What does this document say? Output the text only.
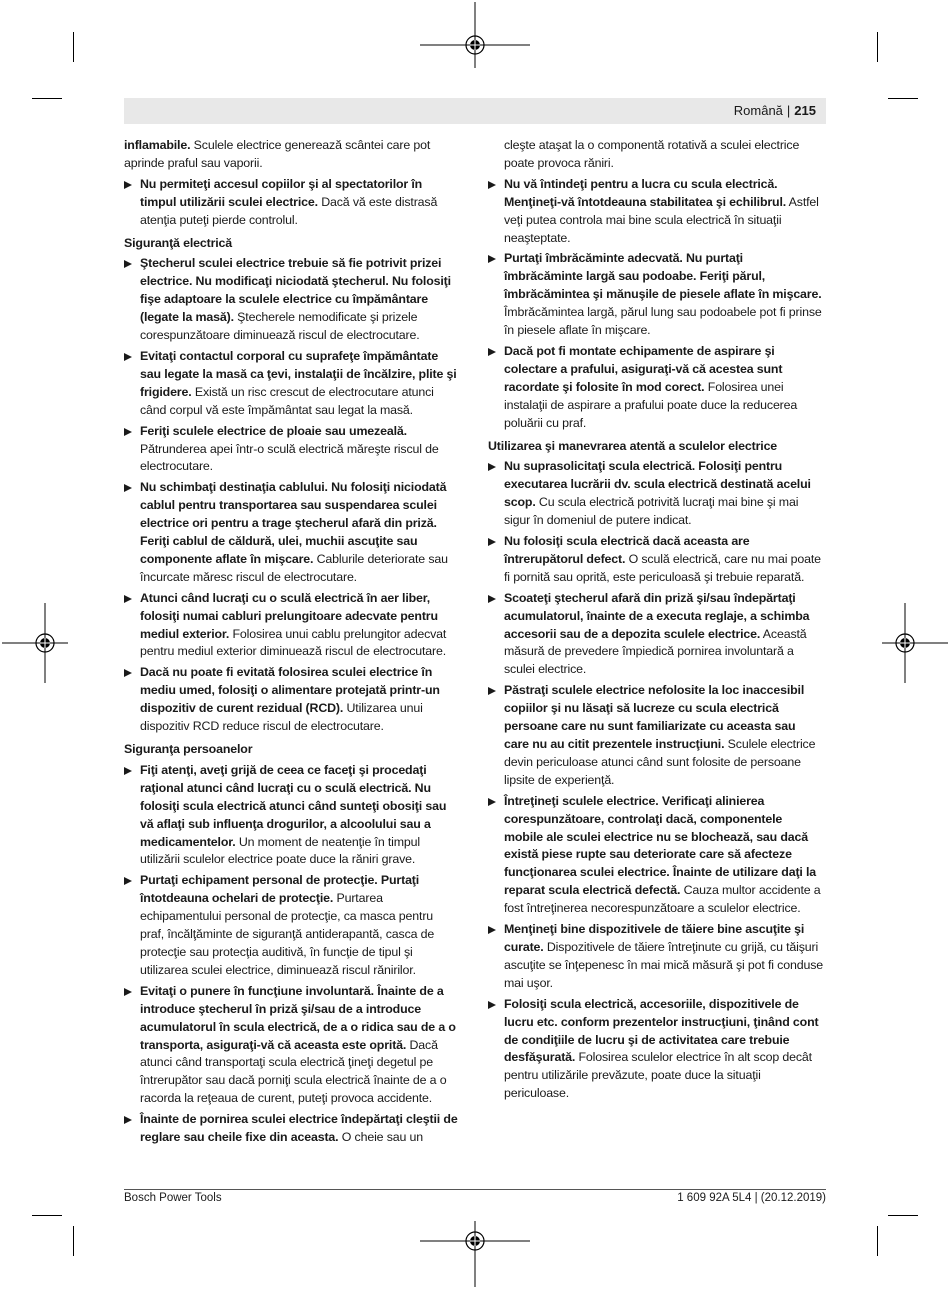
Română | 215
inflamabile. Sculele electrice generează scântei care pot aprinde praful sau vaporii.
Nu permiteţi accesul copiilor şi al spectatorilor în timpul utilizării sculei electrice. Dacă vă este distrasă atenţia puteţi pierde controlul.
Siguranţă electrică
Ştecherul sculei electrice trebuie să fie potrivit prizei electrice. Nu modificaţi niciodată ştecherul. Nu folosiţi fişe adaptoare la sculele electrice cu împământare (legate la masă). Ştecherele nemodificate şi prizele corespunzătoare diminuează riscul de electrocutare.
Evitaţi contactul corporal cu suprafeţe împământate sau legate la masă ca ţevi, instalaţii de încălzire, plite şi frigidere. Există un risc crescut de electrocutare atunci când corpul vă este împământat sau legat la masă.
Feriţi sculele electrice de ploaie sau umezeală. Pătrunderea apei într-o sculă electrică măreşte riscul de electrocutare.
Nu schimbaţi destinaţia cablului. Nu folosiţi niciodată cablul pentru transportarea sau suspendarea sculei electrice ori pentru a trage ştecherul afară din priză. Feriţi cablul de căldură, ulei, muchii ascuţite sau componente aflate în mişcare. Cablurile deteriorate sau încurcate măresc riscul de electrocutare.
Atunci când lucraţi cu o sculă electrică în aer liber, folosiţi numai cabluri prelungitoare adecvate pentru mediul exterior. Folosirea unui cablu prelungitor adecvat pentru mediul exterior diminuează riscul de electrocutare.
Dacă nu poate fi evitată folosirea sculei electrice în mediu umed, folosiţi o alimentare protejată printr-un dispozitiv de curent rezidual (RCD). Utilizarea unui dispozitiv RCD reduce riscul de electrocutare.
Siguranţa persoanelor
Fiţi atenţi, aveţi grijă de ceea ce faceţi şi procedaţi raţional atunci când lucraţi cu o sculă electrică. Nu folosiţi scula electrică atunci când sunteţi obosiţi sau vă aflaţi sub influenţa drogurilor, a alcoolului sau a medicamentelor. Un moment de neatenţie în timpul utilizării sculelor electrice poate duce la răniri grave.
Purtaţi echipament personal de protecţie. Purtaţi întotdeauna ochelari de protecţie. Purtarea echipamentului personal de protecţie, ca masca pentru praf, încălţăminte de siguranţă antiderapantă, casca de protecţie sau protecţia auditivă, în funcţie de tipul şi utilizarea sculei electrice, diminuează riscul rănirilor.
Evitaţi o punere în funcţiune involuntară. Înainte de a introduce ştecherul în priză şi/sau de a introduce acumulatorul în scula electrică, de a o ridica sau de a o transporta, asiguraţi-vă că aceasta este oprită. Dacă atunci când transportaţi scula electrică ţineţi degetul pe întrerupător sau dacă porniţi scula electrică înainte de a o racorda la reţeaua de curent, puteţi provoca accidente.
Înainte de pornirea sculei electrice îndepărtaţi cleştii de reglare sau cheile fixe din aceasta. O cheie sau un
cleşte ataşat la o componentă rotativă a sculei electrice poate provoca răniri.
Nu vă întindeţi pentru a lucra cu scula electrică. Menţineţi-vă întotdeauna stabilitatea şi echilibrul. Astfel veţi putea controla mai bine scula electrică în situaţii neaşteptate.
Purtaţi îmbrăcăminte adecvată. Nu purtaţi îmbrăcăminte largă sau podoabe. Feriţi părul, îmbrăcămintea şi mănuşile de piesele aflate în mişcare. Îmbrăcămintea largă, părul lung sau podoabele pot fi prinse în piesele aflate în mişcare.
Dacă pot fi montate echipamente de aspirare şi colectare a prafului, asiguraţi-vă că acestea sunt racordate şi folosite în mod corect. Folosirea unei instalaţii de aspirare a prafului poate duce la reducerea poluării cu praf.
Utilizarea şi manevrarea atentă a sculelor electrice
Nu suprasolicitaţi scula electrică. Folosiţi pentru executarea lucrării dv. scula electrică destinată acelui scop. Cu scula electrică potrivită lucraţi mai bine şi mai sigur în domeniul de putere indicat.
Nu folosiţi scula electrică dacă aceasta are întrerupătorul defect. O sculă electrică, care nu mai poate fi pornită sau oprită, este periculoasă şi trebuie reparată.
Scoateţi ştecherul afară din priză şi/sau îndepărtaţi acumulatorul, înainte de a executa reglaje, a schimba accesorii sau de a depozita sculele electrice. Această măsură de prevedere împiedică pornirea involuntară a sculei electrice.
Păstraţi sculele electrice nefolosite la loc inaccesibil copiilor şi nu lăsaţi să lucreze cu scula electrică persoane care nu sunt familiarizate cu aceasta sau care nu au citit prezentele instrucţiuni. Sculele electrice devin periculoase atunci când sunt folosite de persoane lipsite de experienţă.
Întreţineţi sculele electrice. Verificaţi alinierea corespunzătoare, controlaţi dacă, componentele mobile ale sculei electrice nu se blochează, sau dacă există piese rupte sau deteriorate care să afecteze funcţionarea sculei electrice. Înainte de utilizare daţi la reparat scula electrică defectă. Cauza multor accidente a fost întreţinerea necorespunzătoare a sculelor electrice.
Menţineţi bine dispozitivele de tăiere bine ascuţite şi curate. Dispozitivele de tăiere întreţinute cu grijă, cu tăişuri ascuţite se înţepenesc în mai mică măsură şi pot fi conduse mai uşor.
Folosiţi scula electrică, accesoriile, dispozitivele de lucru etc. conform prezentelor instrucţiuni, ţinând cont de condiţiile de lucru şi de activitatea care trebuie desfăşurată. Folosirea sculelor electrice în alt scop decât pentru utilizările prevăzute, poate duce la situaţii periculoase.
Bosch Power Tools	1 609 92A 5L4 | (20.12.2019)
